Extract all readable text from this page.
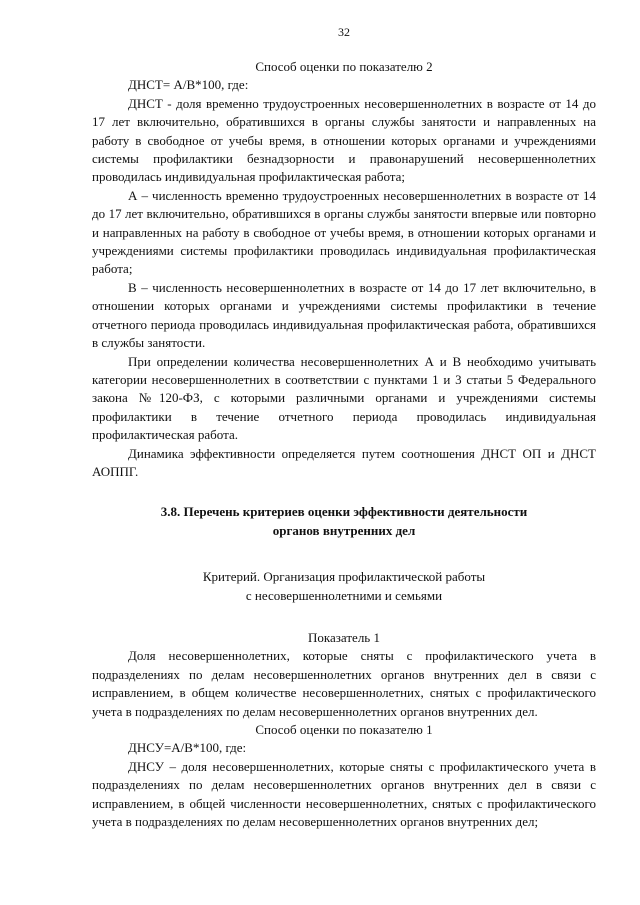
32
Способ оценки по показателю 2

ДНСТ= А/В*100, где:

ДНСТ - доля временно трудоустроенных несовершеннолетних в возрасте от 14 до 17 лет включительно, обратившихся в органы службы занятости и направленных на работу в свободное от учебы время, в отношении которых органами и учреждениями системы профилактики безнадзорности и правонарушений несовершеннолетних проводилась индивидуальная профилактическая работа;

А – численность временно трудоустроенных несовершеннолетних в возрасте от 14 до 17 лет включительно, обратившихся в органы службы занятости впервые или повторно и направленных на работу в свободное от учебы время, в отношении которых органами и учреждениями системы профилактики проводилась индивидуальная профилактическая работа;

В – численность несовершеннолетних в возрасте от 14 до 17 лет включительно, в отношении которых органами и учреждениями системы профилактики в течение отчетного периода проводилась индивидуальная профилактическая работа, обратившихся в службы занятости.

При определении количества несовершеннолетних А и В необходимо учитывать категории несовершеннолетних в соответствии с пунктами 1 и 3 статьи 5 Федерального закона №120-ФЗ, с которыми различными органами и учреждениями системы профилактики в течение отчетного периода проводилась индивидуальная профилактическая работа.

Динамика эффективности определяется путем соотношения ДНСТ ОП и ДНСТ АОППГ.

3.8. Перечень критериев оценки эффективности деятельности
органов внутренних дел
Критерий. Организация профилактической работы
с несовершеннолетними и семьями
Показатель 1

Доля несовершеннолетних, которые сняты с профилактического учета в подразделениях по делам несовершеннолетних органов внутренних дел в связи с исправлением, в общем количестве несовершеннолетних, снятых с профилактического учета в подразделениях по делам несовершеннолетних органов внутренних дел.

Способ оценки по показателю 1

ДНСУ=А/В*100, где:

ДНСУ – доля несовершеннолетних, которые сняты с профилактического учета в подразделениях по делам несовершеннолетних органов внутренних дел в связи с исправлением, в общей численности несовершеннолетних, снятых с профилактического учета в подразделениях по делам несовершеннолетних органов внутренних дел;
